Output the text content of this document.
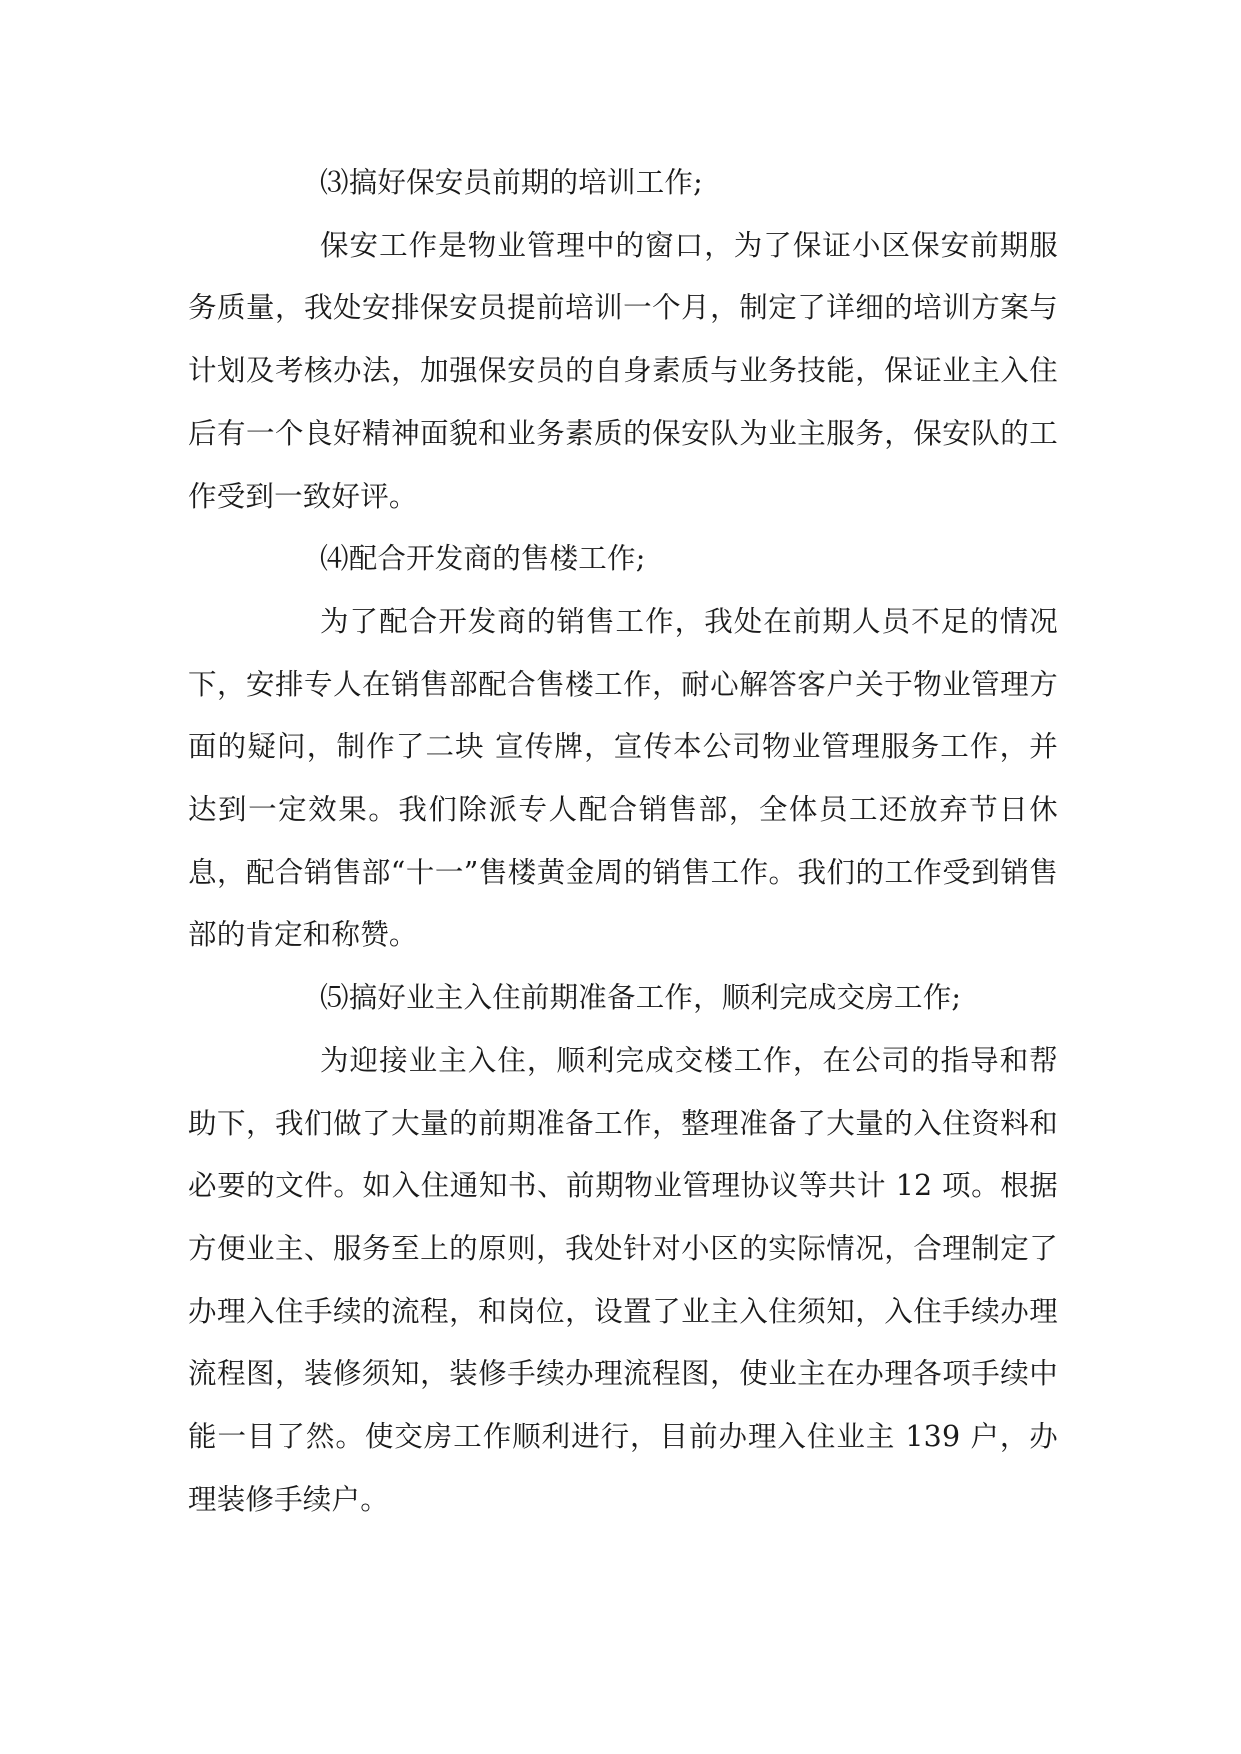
⑶搞好保安员前期的培训工作;

保安工作是物业管理中的窗口，为了保证小区保安前期服务质量，我处安排保安员提前培训一个月，制定了详细的培训方案与计划及考核办法，加强保安员的自身素质与业务技能，保证业主入住后有一个良好精神面貌和业务素质的保安队为业主服务，保安队的工作受到一致好评。

⑷配合开发商的售楼工作;

为了配合开发商的销售工作，我处在前期人员不足的情况下，安排专人在销售部配合售楼工作，耐心解答客户关于物业管理方面的疑问，制作了二块 宣传牌，宣传本公司物业管理服务工作，并达到一定效果。我们除派专人配合销售部，全体员工还放弃节日休息，配合销售部“十一”售楼黄金周的销售工作。我们的工作受到销售部的肯定和称赞。

⑸搞好业主入住前期准备工作，顺利完成交房工作;

为迎接业主入住，顺利完成交楼工作，在公司的指导和帮助下，我们做了大量的前期准备工作，整理准备了大量的入住资料和必要的文件。如入住通知书、前期物业管理协议等共计 12 项。根据方便业主、服务至上的原则，我处针对小区的实际情况，合理制定了办理入住手续的流程，和岗位，设置了业主入住须知，入住手续办理流程图，装修须知，装修手续办理流程图，使业主在办理各项手续中能一目了然。使交房工作顺利进行，目前办理入住业主 139 户，办理装修手续户。
